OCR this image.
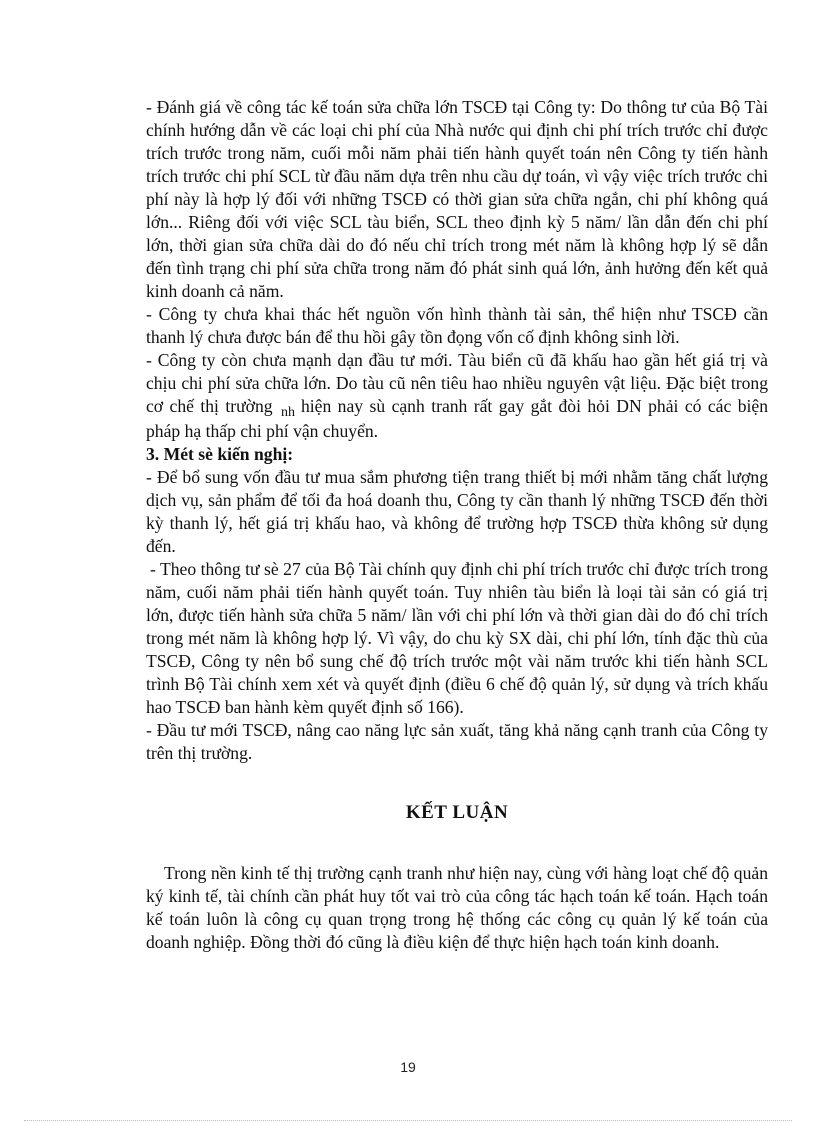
- Đánh giá về công tác kế toán sửa chữa lớn TSCĐ tại Công ty: Do thông tư của Bộ Tài chính hướng dẫn về các loại chi phí của Nhà nước qui định chi phí trích trước chỉ được trích trước trong năm, cuối mỗi năm phải tiến hành quyết toán nên Công ty tiến hành trích trước chi phí SCL từ đầu năm dựa trên nhu cầu dự toán, vì vậy việc trích trước chi phí này là hợp lý đối với những TSCĐ có thời gian sửa chữa ngắn, chi phí không quá lớn... Riêng đối với việc SCL tàu biển, SCL theo định kỳ 5 năm/ lần dẫn đến chi phí lớn, thời gian sửa chữa dài do đó nếu chỉ trích trong mét năm là không hợp lý sẽ dẫn đến tình trạng chi phí sửa chữa trong năm đó phát sinh quá lớn, ảnh hưởng đến kết quả kinh doanh cả năm.

- Công ty chưa khai thác hết nguồn vốn hình thành tài sản, thể hiện như TSCĐ cần thanh lý chưa được bán để thu hồi gây tồn đọng vốn cố định không sinh lời.

- Công ty còn chưa mạnh dạn đầu tư mới. Tàu biển cũ đã khấu hao gần hết giá trị và chịu chi phí sửa chữa lớn. Do tàu cũ nên tiêu hao nhiều nguyên vật liệu. Đặc biệt trong cơ chế thị trường $_{nh}$ hiện nay sù cạnh tranh rất gay gắt đòi hỏi DN phải có các biện pháp hạ thấp chi phí vận chuyển.

3. Mét sè kiến nghị:

- Để bổ sung vốn đầu tư mua sắm phương tiện trang thiết bị mới nhằm tăng chất lượng dịch vụ, sản phẩm để tối đa hoá doanh thu, Công ty cần thanh lý những TSCĐ đến thời kỳ thanh lý, hết giá trị khấu hao, và không để trường hợp TSCĐ thừa không sử dụng đến.

- Theo thông tư sè 27 của Bộ Tài chính quy định chi phí trích trước chỉ được trích trong năm, cuối năm phải tiến hành quyết toán. Tuy nhiên tàu biển là loại tài sản có giá trị lớn, được tiến hành sửa chữa 5 năm/ lần với chi phí lớn và thời gian dài do đó chỉ trích trong mét năm là không hợp lý. Vì vậy, do chu kỳ SX dài, chi phí lớn, tính đặc thù của TSCĐ, Công ty nên bổ sung chế độ trích trước một vài năm trước khi tiến hành SCL trình Bộ Tài chính xem xét và quyết định (điều 6 chế độ quản lý, sử dụng và trích khấu hao TSCĐ ban hành kèm quyết định số 166).

- Đầu tư mới TSCĐ, nâng cao năng lực sản xuất, tăng khả năng cạnh tranh của Công ty trên thị trường.

KẾT LUẬN

Trong nền kinh tế thị trường cạnh tranh như hiện nay, cùng với hàng loạt chế độ quản ký kinh tế, tài chính cần phát huy tốt vai trò của công tác hạch toán kế toán. Hạch toán kế toán luôn là công cụ quan trọng trong hệ thống các công cụ quản lý kế toán của doanh nghiệp. Đồng thời đó cũng là điều kiện để thực hiện hạch toán kinh doanh.

19
